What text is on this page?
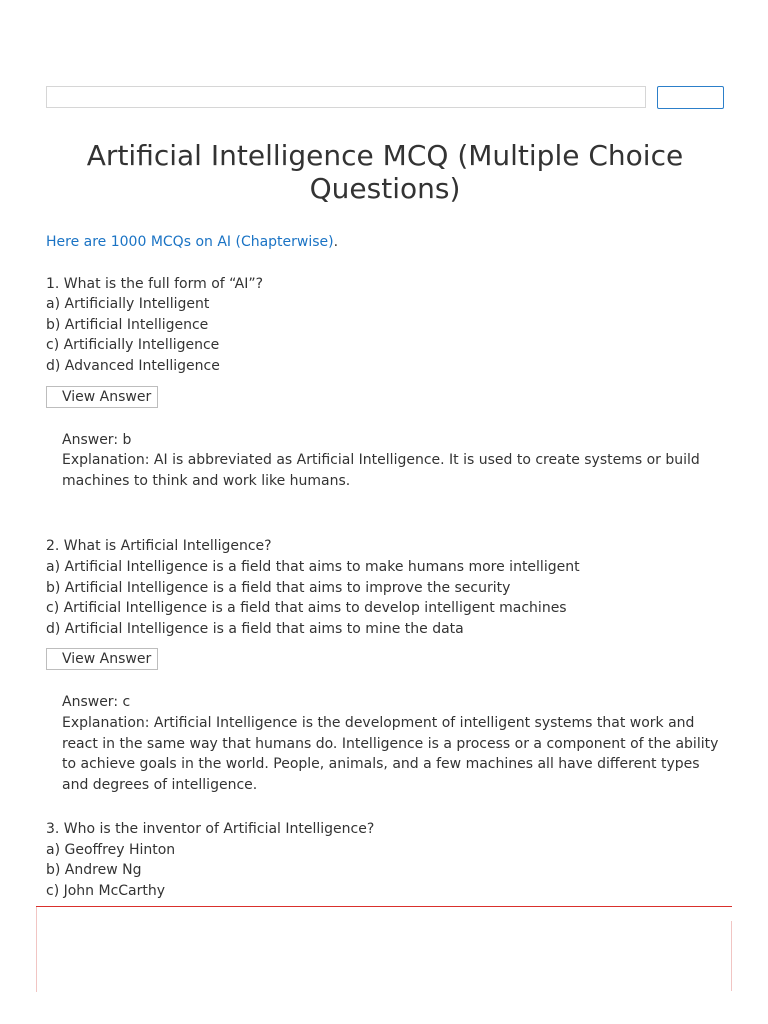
Artificial Intelligence MCQ (Multiple Choice Questions)

Here are 1000 MCQs on AI (Chapterwise).

1. What is the full form of “AI”?
a) Artificially Intelligent
b) Artificial Intelligence
c) Artificially Intelligence
d) Advanced Intelligence
View Answer
Answer: b
Explanation: AI is abbreviated as Artificial Intelligence. It is used to create systems or build machines to think and work like humans.
2. What is Artificial Intelligence?
a) Artificial Intelligence is a field that aims to make humans more intelligent
b) Artificial Intelligence is a field that aims to improve the security
c) Artificial Intelligence is a field that aims to develop intelligent machines
d) Artificial Intelligence is a field that aims to mine the data
View Answer
Answer: c
Explanation: Artificial Intelligence is the development of intelligent systems that work and react in the same way that humans do. Intelligence is a process or a component of the ability to achieve goals in the world. People, animals, and a few machines all have different types and degrees of intelligence.
3. Who is the inventor of Artificial Intelligence?
a) Geoffrey Hinton
b) Andrew Ng
c) John McCarthy
